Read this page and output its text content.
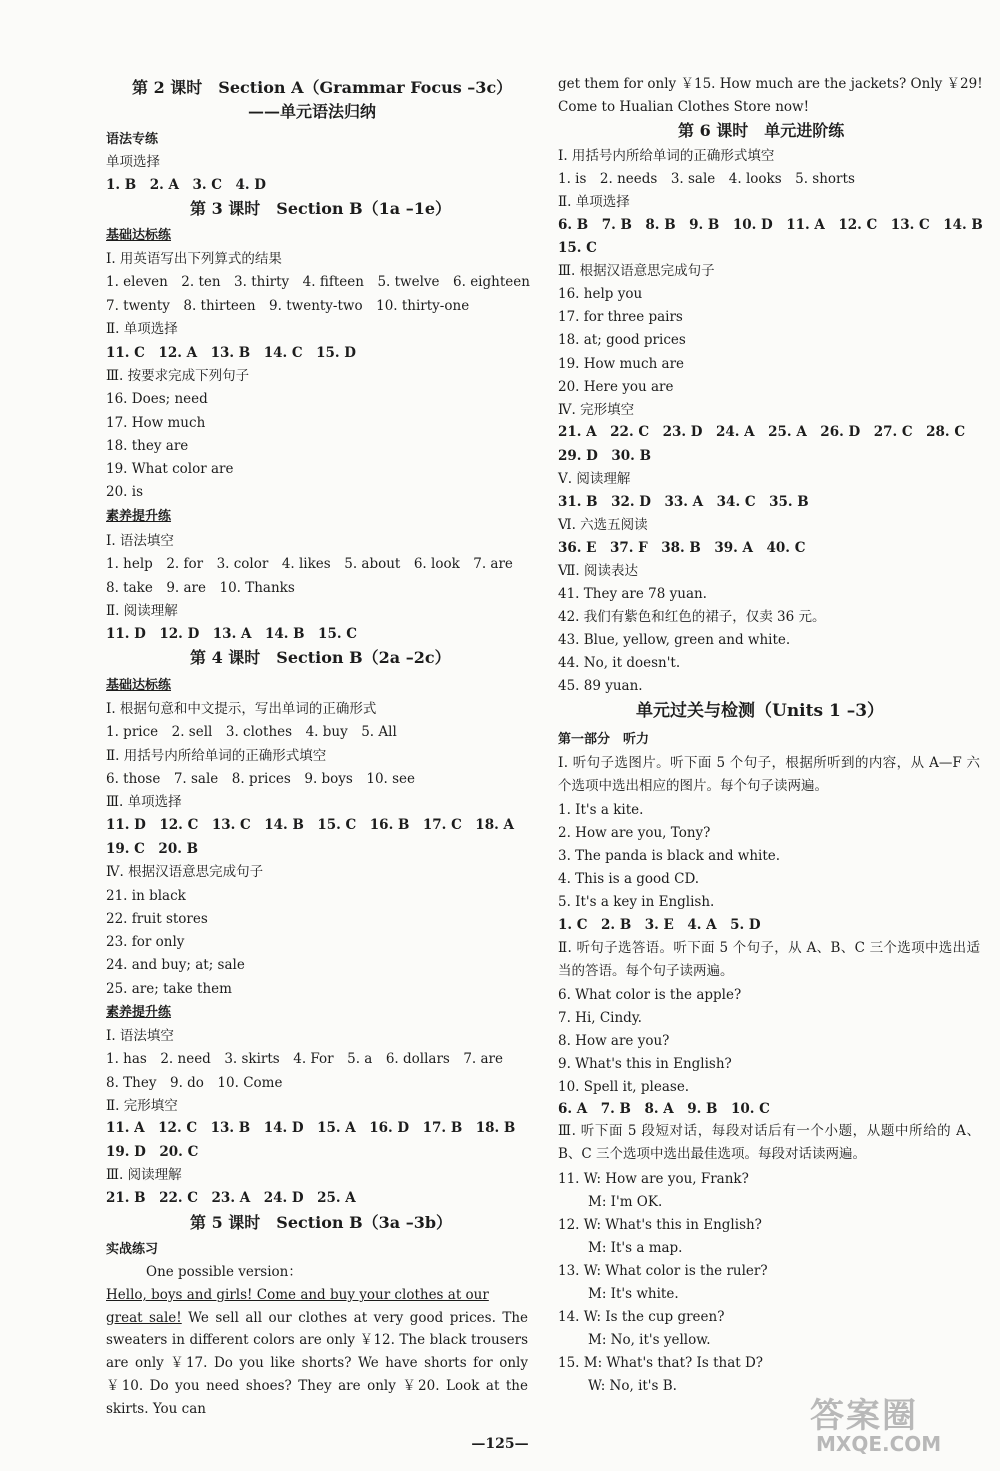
第 2 课时　Section A（Grammar Focus –3c）
——单元语法归纳
语法专练
单项选择
1. B　2. A　3. C　4. D
第 3 课时　Section B（1a –1e）
基础达标练
Ⅰ. 用英语写出下列算式的结果
1. eleven　2. ten　3. thirty　4. fifteen　5. twelve　6. eighteen
7. twenty　8. thirteen　9. twenty-two　10. thirty-one
Ⅱ. 单项选择
11. C　12. A　13. B　14. C　15. D
Ⅲ. 按要求完成下列句子
16. Does; need
17. How much
18. they are
19. What color are
20. is
素养提升练
Ⅰ. 语法填空
1. help　2. for　3. color　4. likes　5. about　6. look　7. are
8. take　9. are　10. Thanks
Ⅱ. 阅读理解
11. D　12. D　13. A　14. B　15. C
第 4 课时　Section B（2a –2c）
基础达标练
Ⅰ. 根据句意和中文提示，写出单词的正确形式
1. price　2. sell　3. clothes　4. buy　5. All
Ⅱ. 用括号内所给单词的正确形式填空
6. those　7. sale　8. prices　9. boys　10. see
Ⅲ. 单项选择
11. D　12. C　13. C　14. B　15. C　16. B　17. C　18. A
19. C　20. B
Ⅳ. 根据汉语意思完成句子
21. in black
22. fruit stores
23. for only
24. and buy; at; sale
25. are; take them
素养提升练
Ⅰ. 语法填空
1. has　2. need　3. skirts　4. For　5. a　6. dollars　7. are
8. They　9. do　10. Come
Ⅱ. 完形填空
11. A　12. C　13. B　14. D　15. A　16. D　17. B　18. B
19. D　20. C
Ⅲ. 阅读理解
21. B　22. C　23. A　24. D　25. A
第 5 课时　Section B（3a –3b）
实战练习
One possible version：
Hello, boys and girls! Come and buy your clothes at our
great sale! We sell all our clothes at very good prices. The sweaters in different colors are only ￥12. The black trousers are only ￥17. Do you like shorts? We have shorts for only ￥10. Do you need shoes? They are only ￥20. Look at the skirts. You can
get them for only ￥15. How much are the jackets? Only ￥29!
Come to Hualian Clothes Store now!
第 6 课时　单元进阶练
Ⅰ. 用括号内所给单词的正确形式填空
1. is　2. needs　3. sale　4. looks　5. shorts
Ⅱ. 单项选择
6. B　7. B　8. B　9. B　10. D　11. A　12. C　13. C　14. B
15. C
Ⅲ. 根据汉语意思完成句子
16. help you
17. for three pairs
18. at; good prices
19. How much are
20. Here you are
Ⅳ. 完形填空
21. A　22. C　23. D　24. A　25. A　26. D　27. C　28. C
29. D　30. B
Ⅴ. 阅读理解
31. B　32. D　33. A　34. C　35. B
Ⅵ. 六选五阅读
36. E　37. F　38. B　39. A　40. C
Ⅶ. 阅读表达
41. They are 78 yuan.
42. 我们有紫色和红色的裙子，仅卖 36 元。
43. Blue, yellow, green and white.
44. No, it doesn't.
45. 89 yuan.
单元过关与检测（Units 1 –3）
第一部分　听力
Ⅰ. 听句子选图片。听下面 5 个句子，根据所听到的内容，从 A—F 六个选项中选出相应的图片。每个句子读两遍。
1. It's a kite.
2. How are you, Tony?
3. The panda is black and white.
4. This is a good CD.
5. It's a key in English.
1. C　2. B　3. E　4. A　5. D
Ⅱ. 听句子选答语。听下面 5 个句子，从 A、B、C 三个选项中选出适当的答语。每个句子读两遍。
6. What color is the apple?
7. Hi, Cindy.
8. How are you?
9. What's this in English?
10. Spell it, please.
6. A　7. B　8. A　9. B　10. C
Ⅲ. 听下面 5 段短对话，每段对话后有一个小题，从题中所给的 A、B、C 三个选项中选出最佳选项。每段对话读两遍。
11. W: How are you, Frank?
M: I'm OK.
12. W: What's this in English?
M: It's a map.
13. W: What color is the ruler?
M: It's white.
14. W: Is the cup green?
M: No, it's yellow.
15. M: What's that? Is that D?
W: No, it's B.
—125—
答案圈
MXQE.COM
